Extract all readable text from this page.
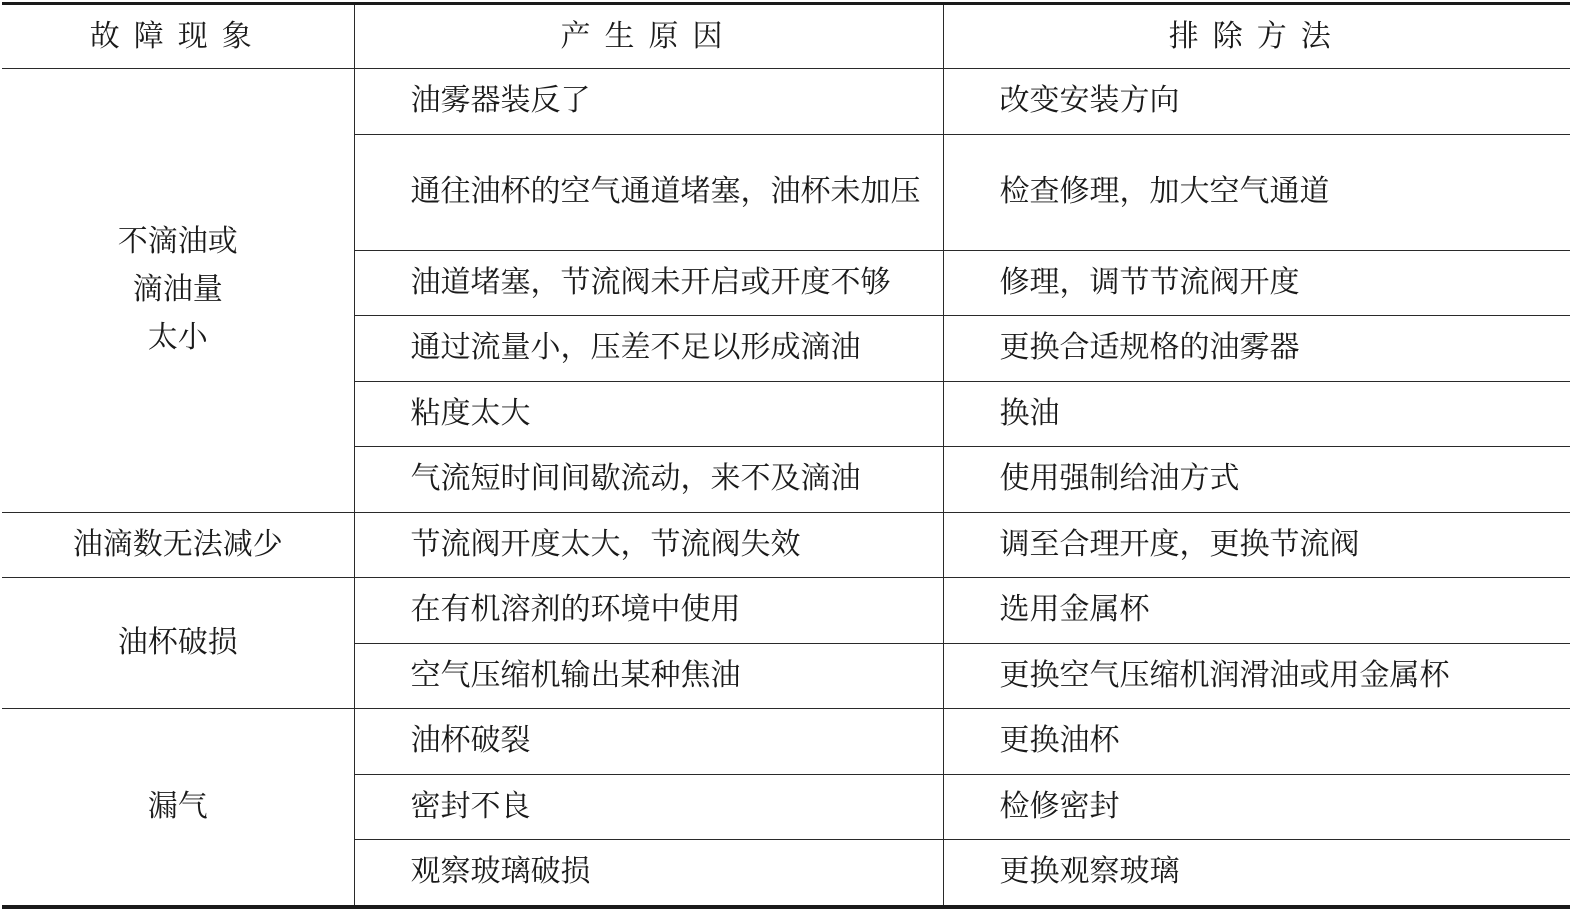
故障现象	产生原因	排除方法
不滴油或
滴油量
太小	油雾器装反了	改变安装方向
	通往油杯的空气通道堵塞，油杯未加压	检查修理，加大空气通道
	油道堵塞，节流阀未开启或开度不够	修理，调节节流阀开度
	通过流量小，压差不足以形成滴油	更换合适规格的油雾器
	粘度太大	换油
	气流短时间间歇流动，来不及滴油	使用强制给油方式
油滴数无法减少	节流阀开度太大，节流阀失效	调至合理开度，更换节流阀
油杯破损	在有机溶剂的环境中使用	选用金属杯
	空气压缩机输出某种焦油	更换空气压缩机润滑油或用金属杯
漏气	油杯破裂	更换油杯
	密封不良	检修密封
	观察玻璃破损	更换观察玻璃
